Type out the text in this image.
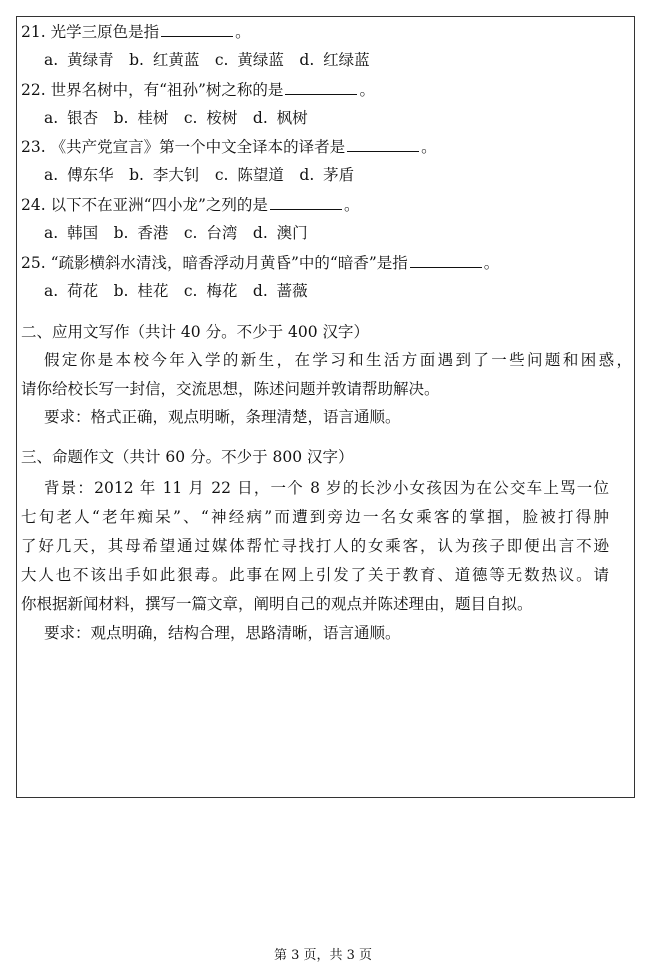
21. 光学三原色是指	。
a. 黄绿青　b. 红黄蓝　c. 黄绿蓝　d. 红绿蓝
22. 世界名树中，有“祖孙”树之称的是	。
a. 银杏　b. 桂树　c. 桉树　d. 枫树
23. 《共产党宣言》第一个中文全译本的译者是	。
a. 傅东华　b. 李大钊　c. 陈望道　d. 茅盾
24. 以下不在亚洲“四小龙”之列的是	。
a. 韩国　b. 香港　c. 台湾　d. 澳门
25. “疏影横斜水清浅，暗香浮动月黄昏”中的“暗香”是指	。
a. 荷花　b. 桂花　c. 梅花　d. 蔷薇
二、应用文写作（共计 40 分。不少于 400 汉字）
假定你是本校今年入学的新生，在学习和生活方面遇到了一些问题和困惑，
请你给校长写一封信，交流思想，陈述问题并敦请帮助解决。
要求：格式正确，观点明晰，条理清楚，语言通顺。
三、命题作文（共计 60 分。不少于 800 汉字）
背景：2012 年 11 月 22 日，一个 8 岁的长沙小女孩因为在公交车上骂一位
七旬老人“老年痴呆”、“神经病”而遭到旁边一名女乘客的掌掴，脸被打得肿
了好几天，其母希望通过媒体帮忙寻找打人的女乘客，认为孩子即便出言不逊
大人也不该出手如此狠毒。此事在网上引发了关于教育、道德等无数热议。请
你根据新闻材料，撰写一篇文章，阐明自己的观点并陈述理由，题目自拟。
要求：观点明确，结构合理，思路清晰，语言通顺。
第 3 页，共 3 页
